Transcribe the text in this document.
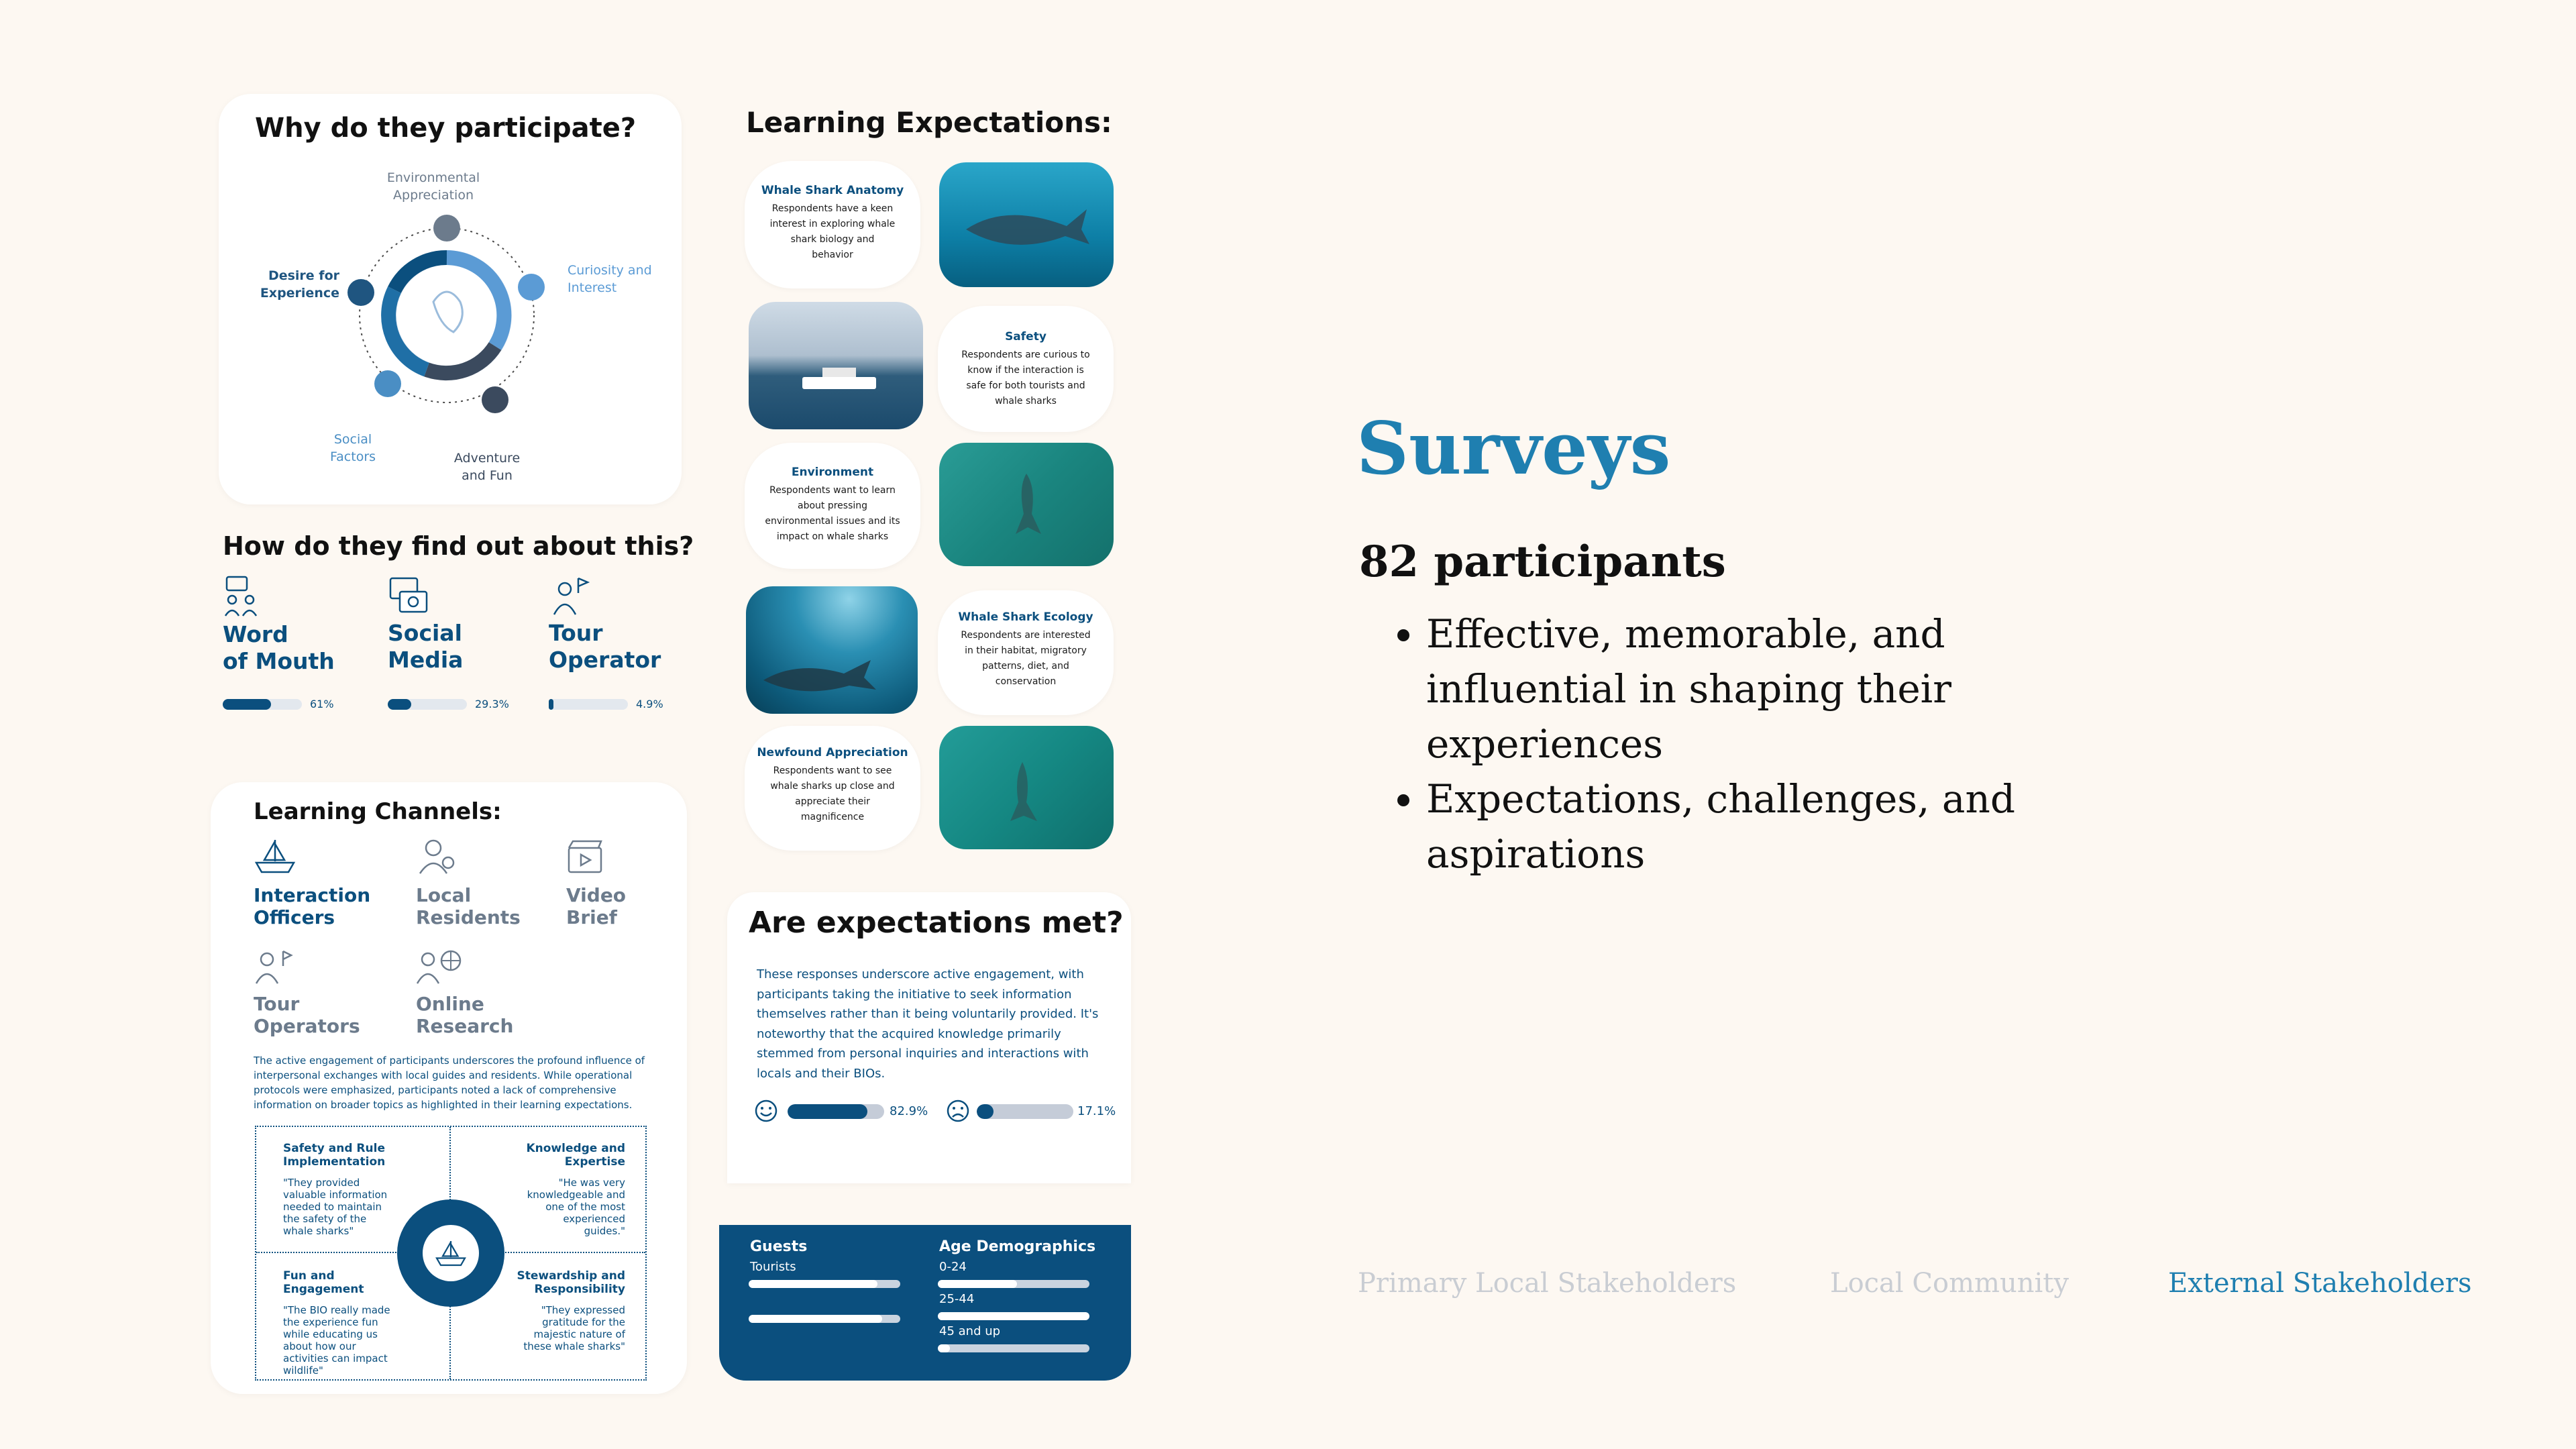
Why do they participate?
Environmental Appreciation
Curiosity and Interest
Adventure and Fun
Social Factors
Desire for Experience
How do they find out about this?
Word
of Mouth
61%
Social
Media
29.3%
Tour
Operator
4.9%
Learning Channels:
Interaction
Officers
Local
Residents
Video
Brief
Tour
Operators
Online
Research
The active engagement of participants underscores the profound influence of interpersonal exchanges with local guides and residents. While operational protocols were emphasized, participants noted a lack of comprehensive information on broader topics as highlighted in their learning expectations.
Safety and Rule Implementation
"They provided valuable information needed to maintain the safety of the whale sharks"
Knowledge and Expertise
"He was very knowledgeable and one of the most experienced guides."
Fun and Engagement
"The BIO really made the experience fun while educating us about how our activities can impact wildlife"
Stewardship and Responsibility
"They expressed gratitude for the majestic nature of these whale sharks"
Learning Expectations:
Whale Shark Anatomy
Respondents have a keen interest in exploring whale shark biology and behavior
Safety
Respondents are curious to know if the interaction is safe for both tourists and whale sharks
Environment
Respondents want to learn about pressing environmental issues and its impact on whale sharks
Whale Shark Ecology
Respondents are interested in their habitat, migratory patterns, diet, and conservation
Newfound Appreciation
Respondents want to see whale sharks up close and appreciate their magnificence
Are expectations met?
These responses underscore active engagement, with participants taking the initiative to seek information themselves rather than it being voluntarily provided. It's noteworthy that the acquired knowledge primarily stemmed from personal inquiries and interactions with locals and their BIOs.
82.9%	17.1%
Guests
Tourists
Age Demographics
0-24
25-44
45 and up
Surveys
82 participants
• Effective, memorable, and influential in shaping their experiences
• Expectations, challenges, and aspirations
Primary Local Stakeholders	Local Community	External Stakeholders
